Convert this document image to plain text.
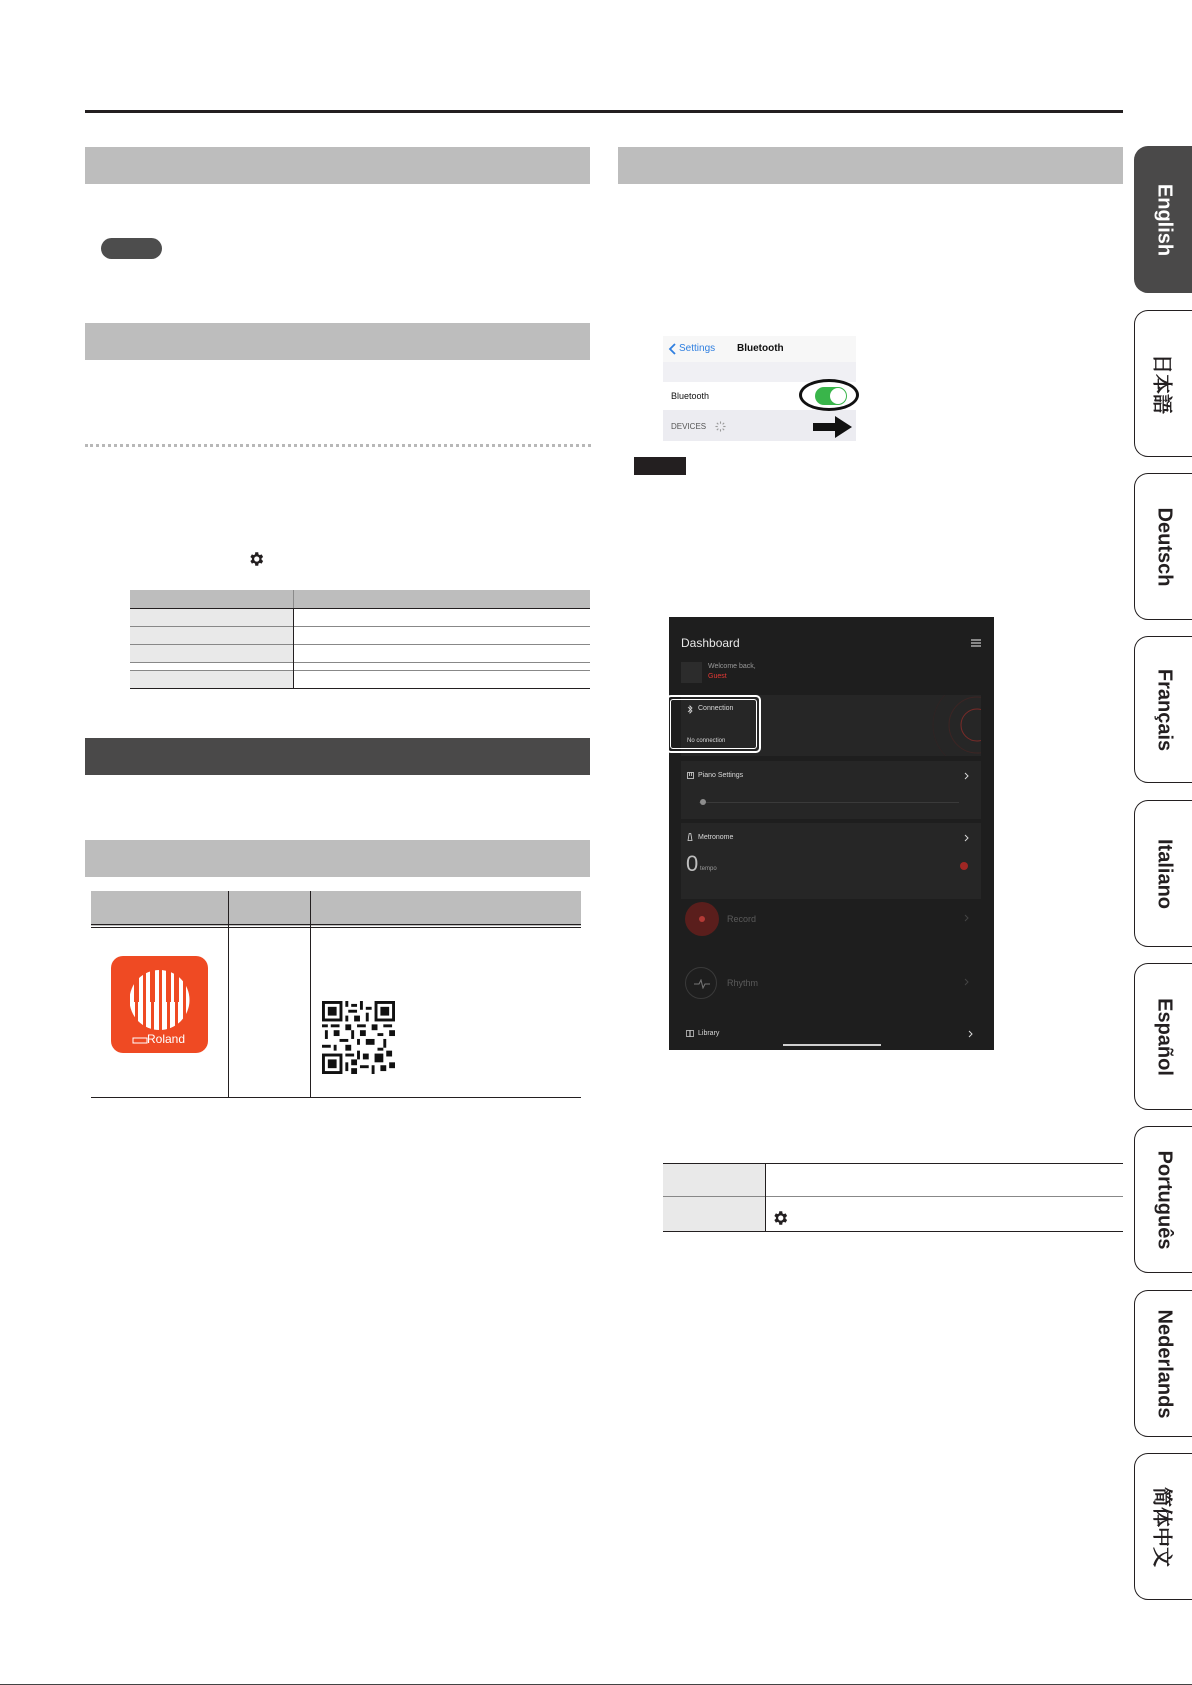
Roland
Settings Bluetooth
Bluetooth
DEVICES
Dashboard
Welcome back,
Guest
Connection
No connection
Piano Settings
Metronome
0 tempo
Record
Rhythm
Library
English
日本語
Deutsch
Français
Italiano
Español
Português
Nederlands
简体中文
